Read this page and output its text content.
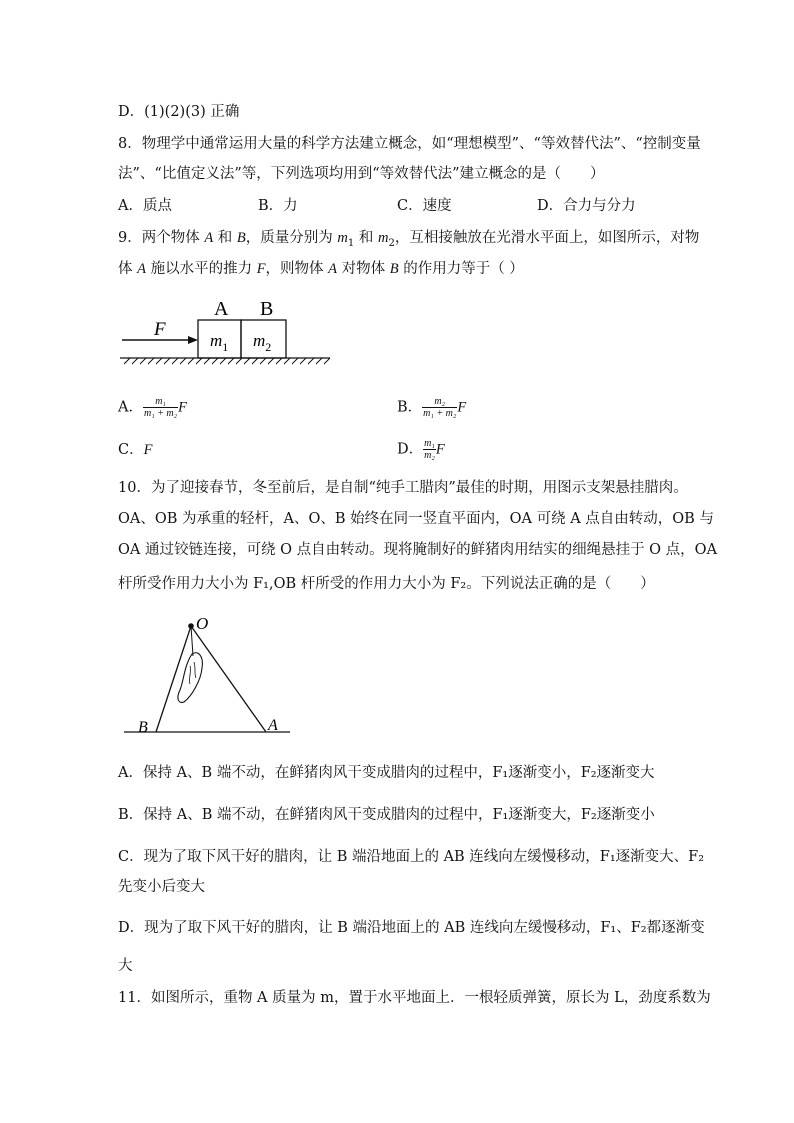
D．(1)(2)(3) 正确
8．物理学中通常运用大量的科学方法建立概念，如“理想模型”、“等效替代法”、“控制变量
法”、“比值定义法”等，下列选项均用到“等效替代法”建立概念的是（　　）
A．质点	B．力	C．速度	D．合力与分力
9．两个物体 A 和 B，质量分别为 $m_1$ 和 $m_2$，互相接触放在光滑水平面上，如图所示，对物
体 A 施以水平的推力 F，则物体 A 对物体 B 的作用力等于（ ）
A B
$m_1$ $m_2$
F
A． $\frac{\text{m₁}}{\text{m₁ + m₂}}$ F	B． $\frac{\text{m₂}}{\text{m₁ + m₂}}$ F
C．F	D． $\frac{\text{m₁}}{\text{m₂}}$ F
10．为了迎接春节，冬至前后，是自制“纯手工腊肉”最佳的时期，用图示支架悬挂腊肉。
OA、OB 为承重的轻杆，A、O、B 始终在同一竖直平面内，OA 可绕 A 点自由转动，OB 与
OA 通过铰链连接，可绕 O 点自由转动。现将腌制好的鲜猪肉用结实的细绳悬挂于 O 点，OA
杆所受作用力大小为 F₁,OB 杆所受的作用力大小为 F₂。下列说法正确的是（　　）
O
B	A
A．保持 A、B 端不动，在鲜猪肉风干变成腊肉的过程中，F₁逐渐变小，F₂逐渐变大
B．保持 A、B 端不动，在鲜猪肉风干变成腊肉的过程中，F₁逐渐变大，F₂逐渐变小
C．现为了取下风干好的腊肉，让 B 端沿地面上的 AB 连线向左缓慢移动，F₁逐渐变大、F₂
先变小后变大
D．现为了取下风干好的腊肉，让 B 端沿地面上的 AB 连线向左缓慢移动，F₁、F₂都逐渐变
大
11．如图所示，重物 A 质量为 m，置于水平地面上．一根轻质弹簧，原长为 L，劲度系数为
